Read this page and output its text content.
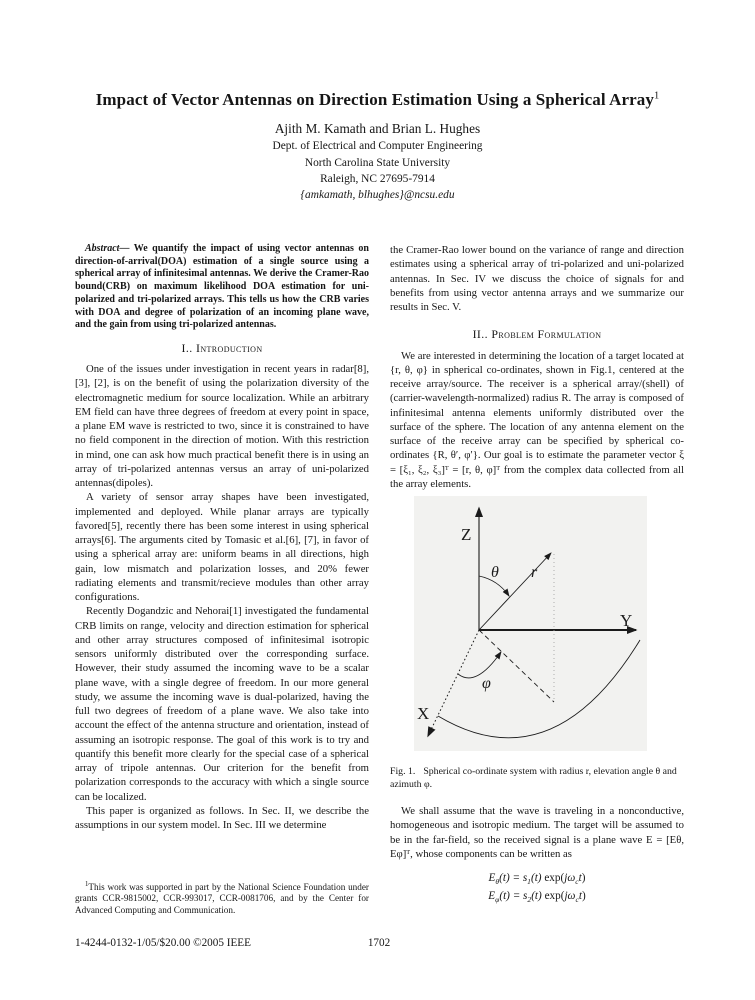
Impact of Vector Antennas on Direction Estimation Using a Spherical Array$^1$
Ajith M. Kamath and Brian L. Hughes
Dept. of Electrical and Computer Engineering
North Carolina State University
Raleigh, NC 27695-7914
{amkamath, blhughes}@ncsu.edu

Abstract— We quantify the impact of using vector antennas on direction-of-arrival(DOA) estimation of a single source using a spherical array of infinitesimal antennas. We derive the Cramer-Rao bound(CRB) on maximum likelihood DOA estimation for uni-polarized and tri-polarized arrays. This tells us how the CRB varies with DOA and degree of polarization of an incoming plane wave, and the gain from using tri-polarized antennas.

I.. Introduction

One of the issues under investigation in recent years in radar[8], [3], [2], is on the benefit of using the polarization diversity of the electromagnetic medium for source localization. While an arbitrary EM field can have three degrees of freedom at every point in space, a plane EM wave is restricted to two, since it is constrained to have no field component in the direction of motion. With this restriction in mind, one can ask how much practical benefit there is in using an array of tri-polarized antennas versus an array of uni-polarized antennas(dipoles).

A variety of sensor array shapes have been investigated, implemented and deployed. While planar arrays are typically favored[5], recently there has been some interest in using spherical arrays[6]. The arguments cited by Tomasic et al.[6], [7], in favor of using a spherical array are: uniform beams in all directions, high gain, low mismatch and polarization losses, and 20% fewer radiating elements and transmit/recieve modules than other array configurations.

Recently Dogandzic and Nehorai[1] investigated the fundamental CRB limits on range, velocity and direction estimation for spherical and other array structures composed of infinitesimal isotropic sensors uniformly distributed over the corresponding surface. However, their study assumed the incoming wave to be a scalar plane wave, with a single degree of freedom. In our more general study, we assume the incoming wave is dual-polarized, having the full two degrees of freedom of a plane wave. We also take into account the effect of the antenna structure and orientation, instead of assuming an isotropic response. The goal of this work is to try and quantify this benefit more clearly for the special case of a spherical array of tripole antennas. Our criterion for the benefit from polarization corresponds to the accuracy with which a single source can be localized.

This paper is organized as follows. In Sec. II, we describe the assumptions in our system model. In Sec. III we determine

$^1$This work was supported in part by the National Science Foundation under grants CCR-9815002, CCR-993017, CCR-0081706, and by the Center for Advanced Computing and Communication.

the Cramer-Rao lower bound on the variance of range and direction estimates using a spherical array of tri-polarized and uni-polarized antennas. In Sec. IV we discuss the choice of signals for and benefits from using vector antenna arrays and we summarize our results in Sec. V.

II.. Problem Formulation

We are interested in determining the location of a target located at {r, θ, φ} in spherical co-ordinates, shown in Fig.1, centered at the receive array/source. The receiver is a spherical array/(shell) of (carrier-wavelength-normalized) radius R. The array is composed of infinitesimal antenna elements uniformly distributed over the surface of the sphere. The location of any antenna element on the surface of the receive array can be specified by spherical co-ordinates {R, θ′, φ′}. Our goal is to estimate the parameter vector ξ = [ξ₁, ξ₂, ξ₃]ᵀ = [r, θ, φ]ᵀ from the complex data collected from all the array elements.

Z
Y
X
θ r
φ
Fig. 1. Spherical co-ordinate system with radius r, elevation angle θ and azimuth φ.

We shall assume that the wave is traveling in a nonconductive, homogeneous and isotropic medium. The target will be assumed to be in the far-field, so the received signal is a plane wave E = [Eθ, Eφ]ᵀ, whose components can be written as

$E_\theta(t) = s_1(t)$ $\exp(j\omega_ct)$
$E_\varphi(t) = s_2(t)$ $\exp(j\omega_ct)$
1702
1-4244-0132-1/05/$20.00 ©2005 IEEE
